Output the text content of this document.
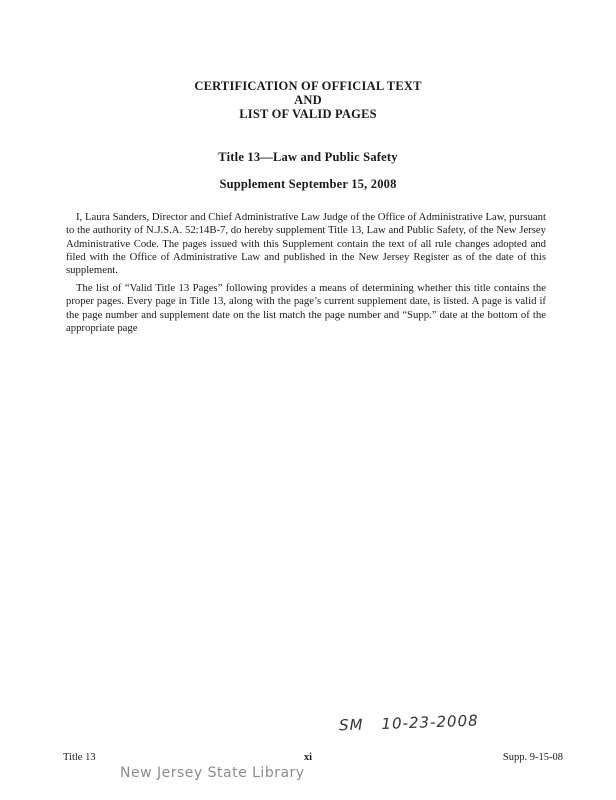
CERTIFICATION OF OFFICIAL TEXT
AND
LIST OF VALID PAGES
Title 13—Law and Public Safety
Supplement September 15, 2008

I, Laura Sanders, Director and Chief Administrative Law Judge of the Office of Administrative Law, pursuant to the authority of N.J.S.A. 52:14B-7, do hereby supplement Title 13, Law and Public Safety, of the New Jersey Administrative Code. The pages issued with this Supplement contain the text of all rule changes adopted and filed with the Office of Administrative Law and published in the New Jersey Register as of the date of this supplement.

The list of “Valid Title 13 Pages” following provides a means of determining whether this title contains the proper pages. Every page in Title 13, along with the page’s current supplement date, is listed. A page is valid if the page number and supplement date on the list match the page number and “Supp.” date at the bottom of the appropriate page

SM 10-23-2008
Title 13	xi	Supp. 9-15-08
New Jersey State Library
